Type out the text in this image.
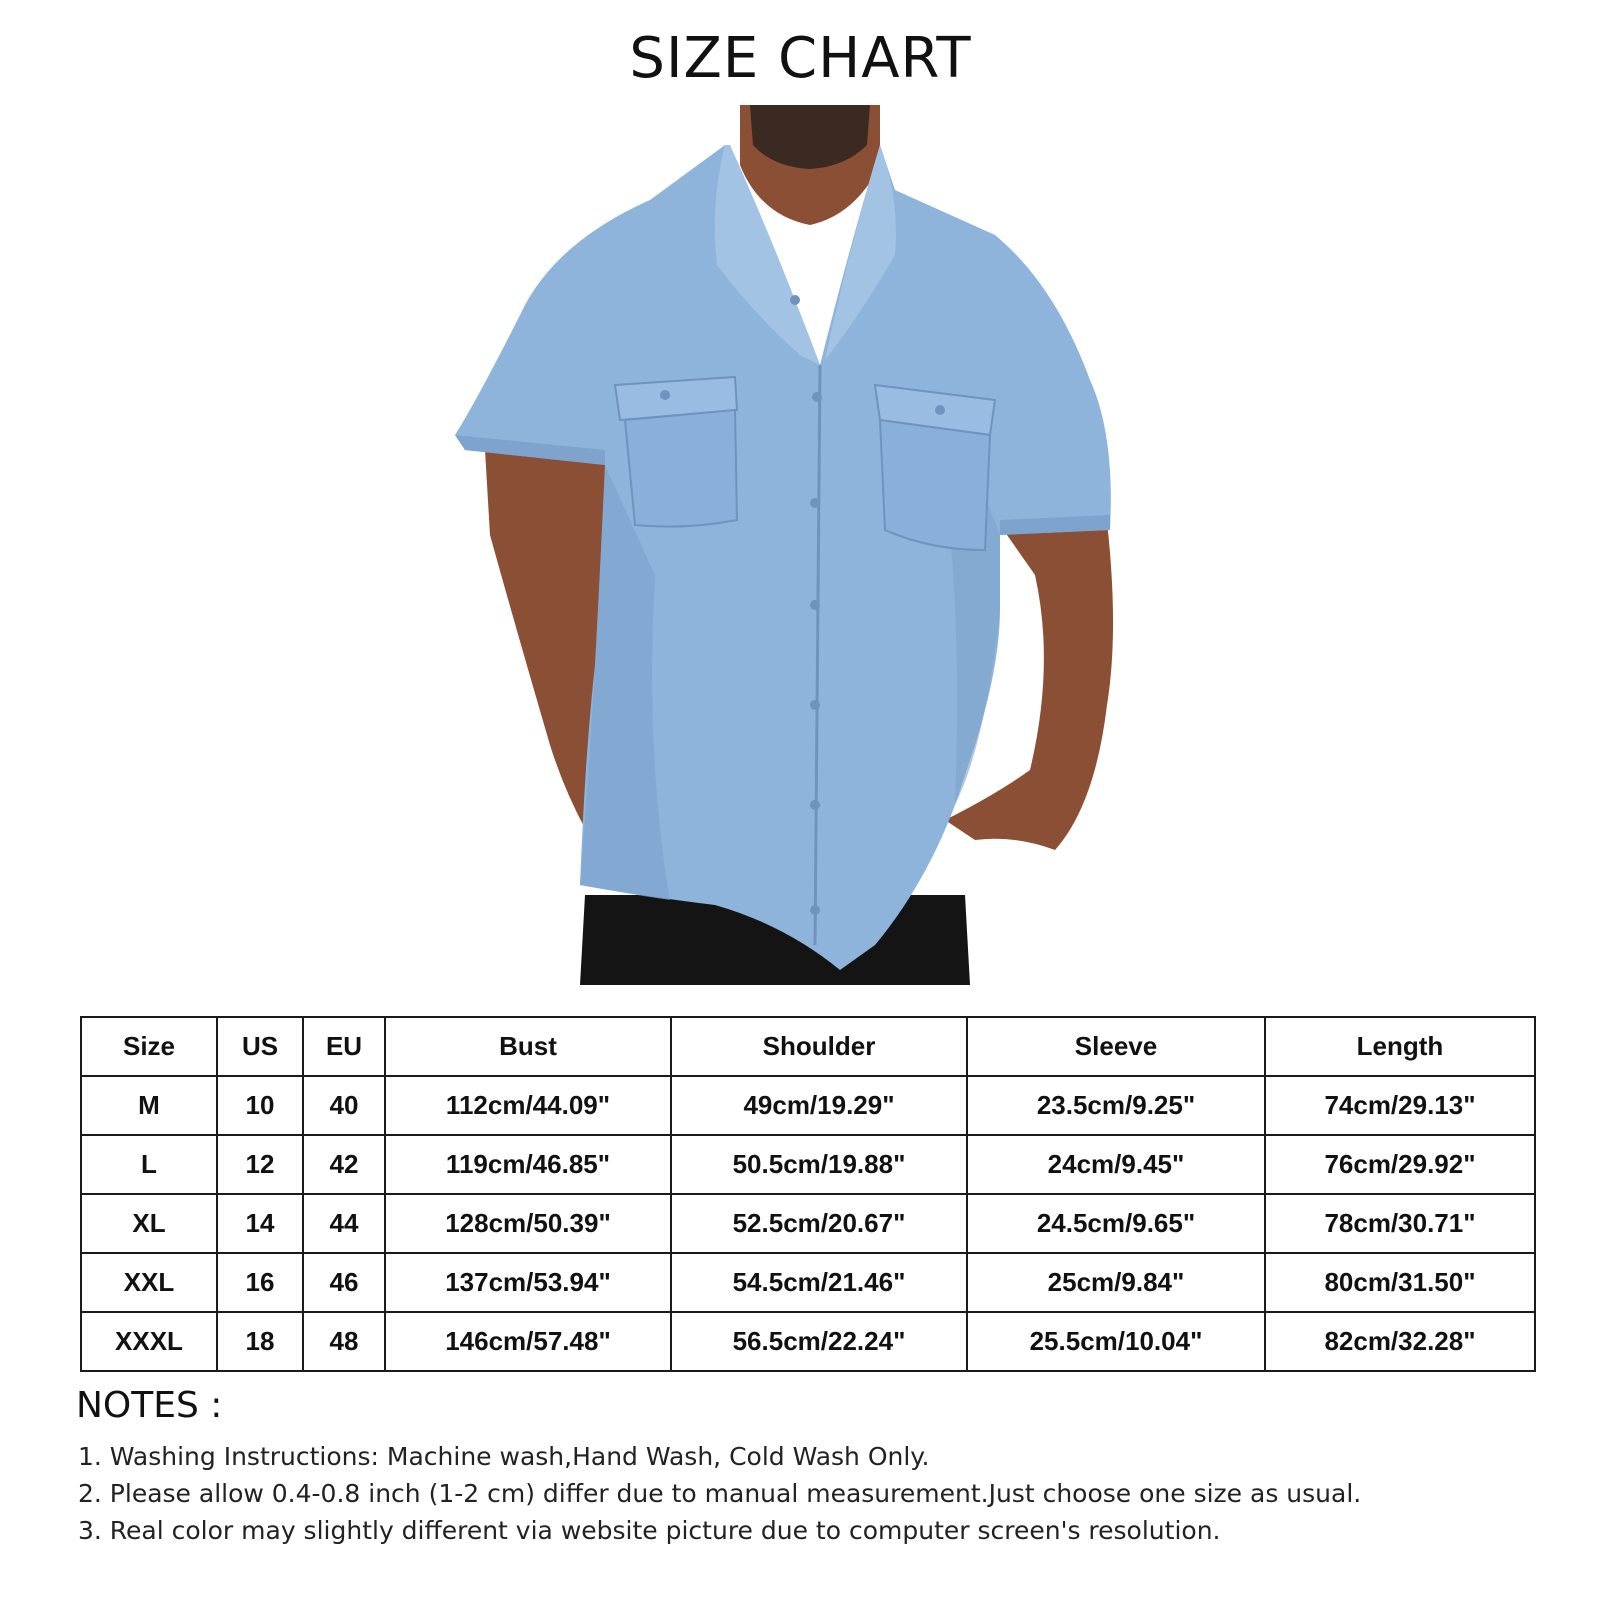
SIZE CHART
Size	US	EU	Bust	Shoulder	Sleeve	Length
M	10	40	112cm/44.09"	49cm/19.29"	23.5cm/9.25"	74cm/29.13"
L	12	42	119cm/46.85"	50.5cm/19.88"	24cm/9.45"	76cm/29.92"
XL	14	44	128cm/50.39"	52.5cm/20.67"	24.5cm/9.65"	78cm/30.71"
XXL	16	46	137cm/53.94"	54.5cm/21.46"	25cm/9.84"	80cm/31.50"
XXXL	18	48	146cm/57.48"	56.5cm/22.24"	25.5cm/10.04"	82cm/32.28"
NOTES :
1. Washing Instructions: Machine wash,Hand Wash, Cold Wash Only.
2. Please allow 0.4-0.8 inch (1-2 cm) differ due to manual measurement.Just choose one size as usual.
3. Real color may slightly different via website picture due to computer screen's resolution.
